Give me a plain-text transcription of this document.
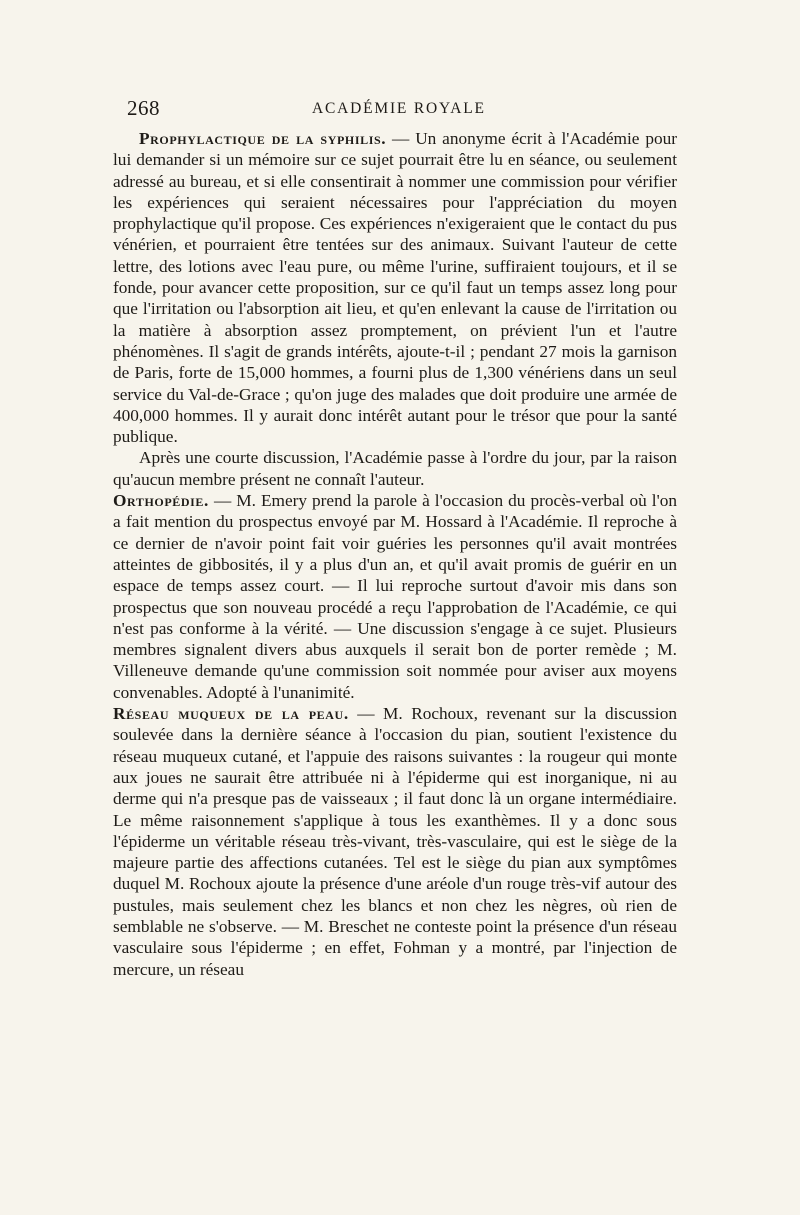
268	ACADÉMIE ROYALE

Prophylactique de la syphilis. — Un anonyme écrit à l'Académie pour lui demander si un mémoire sur ce sujet pourrait être lu en séance, ou seulement adressé au bureau, et si elle consentirait à nommer une commission pour vérifier les expériences qui seraient nécessaires pour l'appréciation du moyen prophylactique qu'il propose. Ces expériences n'exigeraient que le contact du pus vénérien, et pourraient être tentées sur des animaux. Suivant l'auteur de cette lettre, des lotions avec l'eau pure, ou même l'urine, suffiraient toujours, et il se fonde, pour avancer cette proposition, sur ce qu'il faut un temps assez long pour que l'irritation ou l'absorption ait lieu, et qu'en enlevant la cause de l'irritation ou la matière à absorption assez promptement, on prévient l'un et l'autre phénomènes. Il s'agit de grands intérêts, ajoute-t-il ; pendant 27 mois la garnison de Paris, forte de 15,000 hommes, a fourni plus de 1,300 vénériens dans un seul service du Val-de-Grace ; qu'on juge des malades que doit produire une armée de 400,000 hommes. Il y aurait donc intérêt autant pour le trésor que pour la santé publique.

Après une courte discussion, l'Académie passe à l'ordre du jour, par la raison qu'aucun membre présent ne connaît l'auteur.

Orthopédie. — M. Emery prend la parole à l'occasion du procès-verbal où l'on a fait mention du prospectus envoyé par M. Hossard à l'Académie. Il reproche à ce dernier de n'avoir point fait voir guéries les personnes qu'il avait montrées atteintes de gibbosités, il y a plus d'un an, et qu'il avait promis de guérir en un espace de temps assez court. — Il lui reproche surtout d'avoir mis dans son prospectus que son nouveau procédé a reçu l'approbation de l'Académie, ce qui n'est pas conforme à la vérité. — Une discussion s'engage à ce sujet. Plusieurs membres signalent divers abus auxquels il serait bon de porter remède ; M. Villeneuve demande qu'une commission soit nommée pour aviser aux moyens convenables. Adopté à l'unanimité.

Réseau muqueux de la peau. — M. Rochoux, revenant sur la discussion soulevée dans la dernière séance à l'occasion du pian, soutient l'existence du réseau muqueux cutané, et l'appuie des raisons suivantes : la rougeur qui monte aux joues ne saurait être attribuée ni à l'épiderme qui est inorganique, ni au derme qui n'a presque pas de vaisseaux ; il faut donc là un organe intermédiaire. Le même raisonnement s'applique à tous les exanthèmes. Il y a donc sous l'épiderme un véritable réseau très-vivant, très-vasculaire, qui est le siège de la majeure partie des affections cutanées. Tel est le siège du pian aux symptômes duquel M. Rochoux ajoute la présence d'une aréole d'un rouge très-vif autour des pustules, mais seulement chez les blancs et non chez les nègres, où rien de semblable ne s'observe. — M. Breschet ne conteste point la présence d'un réseau vasculaire sous l'épiderme ; en effet, Fohman y a montré, par l'injection de mercure, un réseau
